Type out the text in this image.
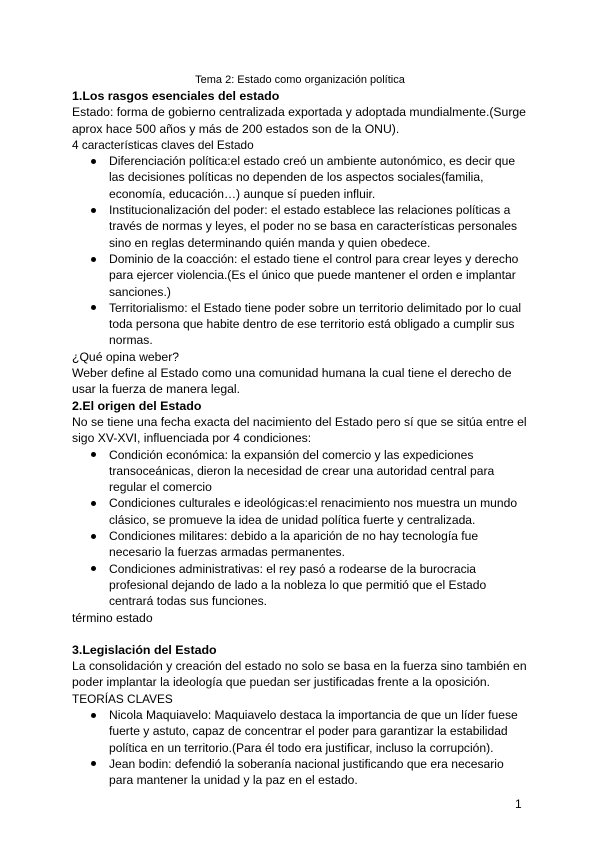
Tema 2: Estado como organización política
1.Los rasgos esenciales del estado

Estado: forma de gobierno centralizada exportada y adoptada mundialmente.(Surge aprox hace 500 años y más de 200 estados son de la ONU).

4 características claves del Estado

Diferenciación política:el estado creó un ambiente autonómico, es decir que las decisiones políticas no dependen de los aspectos sociales(familia, economía, educación…) aunque sí pueden influir.
Institucionalización del poder: el estado establece las relaciones políticas a través de normas y leyes, el poder no se basa en características personales sino en reglas determinando quién manda y quien obedece.
Dominio de la coacción: el estado tiene el control para crear leyes y derecho para ejercer violencia.(Es el único que puede mantener el orden e implantar sanciones.)
Territorialismo: el Estado tiene poder sobre un territorio delimitado por lo cual toda persona que habite dentro de ese territorio está obligado a cumplir sus normas.

¿Qué opina weber?

Weber define al Estado como una comunidad humana la cual tiene el derecho de usar la fuerza de manera legal.

2.El origen del Estado

No se tiene una fecha exacta del nacimiento del Estado pero sí que se sitúa entre el sigo XV-XVI, influenciada por 4 condiciones:

Condición económica: la expansión del comercio y las expediciones transoceánicas, dieron la necesidad de crear una autoridad central para regular el comercio
Condiciones culturales e ideológicas:el renacimiento nos muestra un mundo clásico, se promueve la idea de unidad política fuerte y centralizada.
Condiciones militares: debido a la aparición de no hay tecnología fue necesario la fuerzas armadas permanentes.
Condiciones administrativas: el rey pasó a rodearse de la burocracia profesional dejando de lado a la nobleza lo que permitió que el Estado centrará todas sus funciones.

término estado

3.Legislación del Estado

La consolidación y creación del estado no solo se basa en la fuerza sino también en poder implantar la ideología que puedan ser justificadas frente a la oposición.

TEORÍAS CLAVES

Nicola Maquiavelo: Maquiavelo destaca la importancia de que un líder fuese fuerte y astuto, capaz de concentrar el poder para garantizar la estabilidad política en un territorio.(Para él todo era justificar, incluso la corrupción).
Jean bodin: defendió la soberanía nacional justificando que era necesario para mantener la unidad y la paz en el estado.
1
